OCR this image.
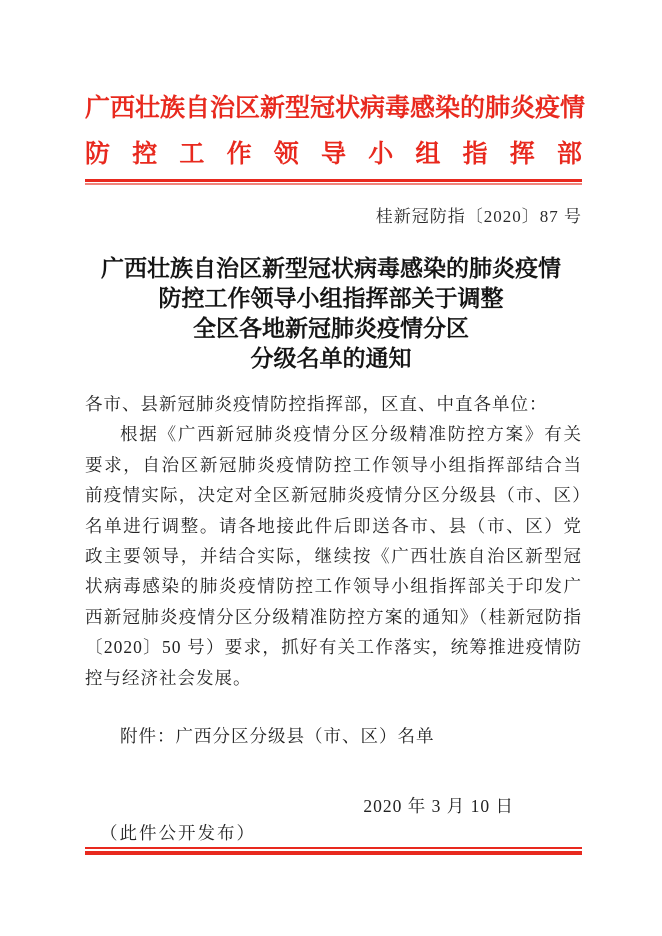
广西壮族自治区新型冠状病毒感染的肺炎疫情
防控工作领导小组指挥部
桂新冠防指〔2020〕87 号
广西壮族自治区新型冠状病毒感染的肺炎疫情
防控工作领导小组指挥部关于调整
全区各地新冠肺炎疫情分区
分级名单的通知

各市、县新冠肺炎疫情防控指挥部，区直、中直各单位：

根据《广西新冠肺炎疫情分区分级精准防控方案》有关要求，自治区新冠肺炎疫情防控工作领导小组指挥部结合当前疫情实际，决定对全区新冠肺炎疫情分区分级县（市、区）名单进行调整。请各地接此件后即送各市、县（市、区）党政主要领导，并结合实际，继续按《广西壮族自治区新型冠状病毒感染的肺炎疫情防控工作领导小组指挥部关于印发广西新冠肺炎疫情分区分级精准防控方案的通知》（桂新冠防指〔2020〕50 号）要求，抓好有关工作落实，统筹推进疫情防控与经济社会发展。

附件：广西分区分级县（市、区）名单

2020 年 3 月 10 日
（此件公开发布）
